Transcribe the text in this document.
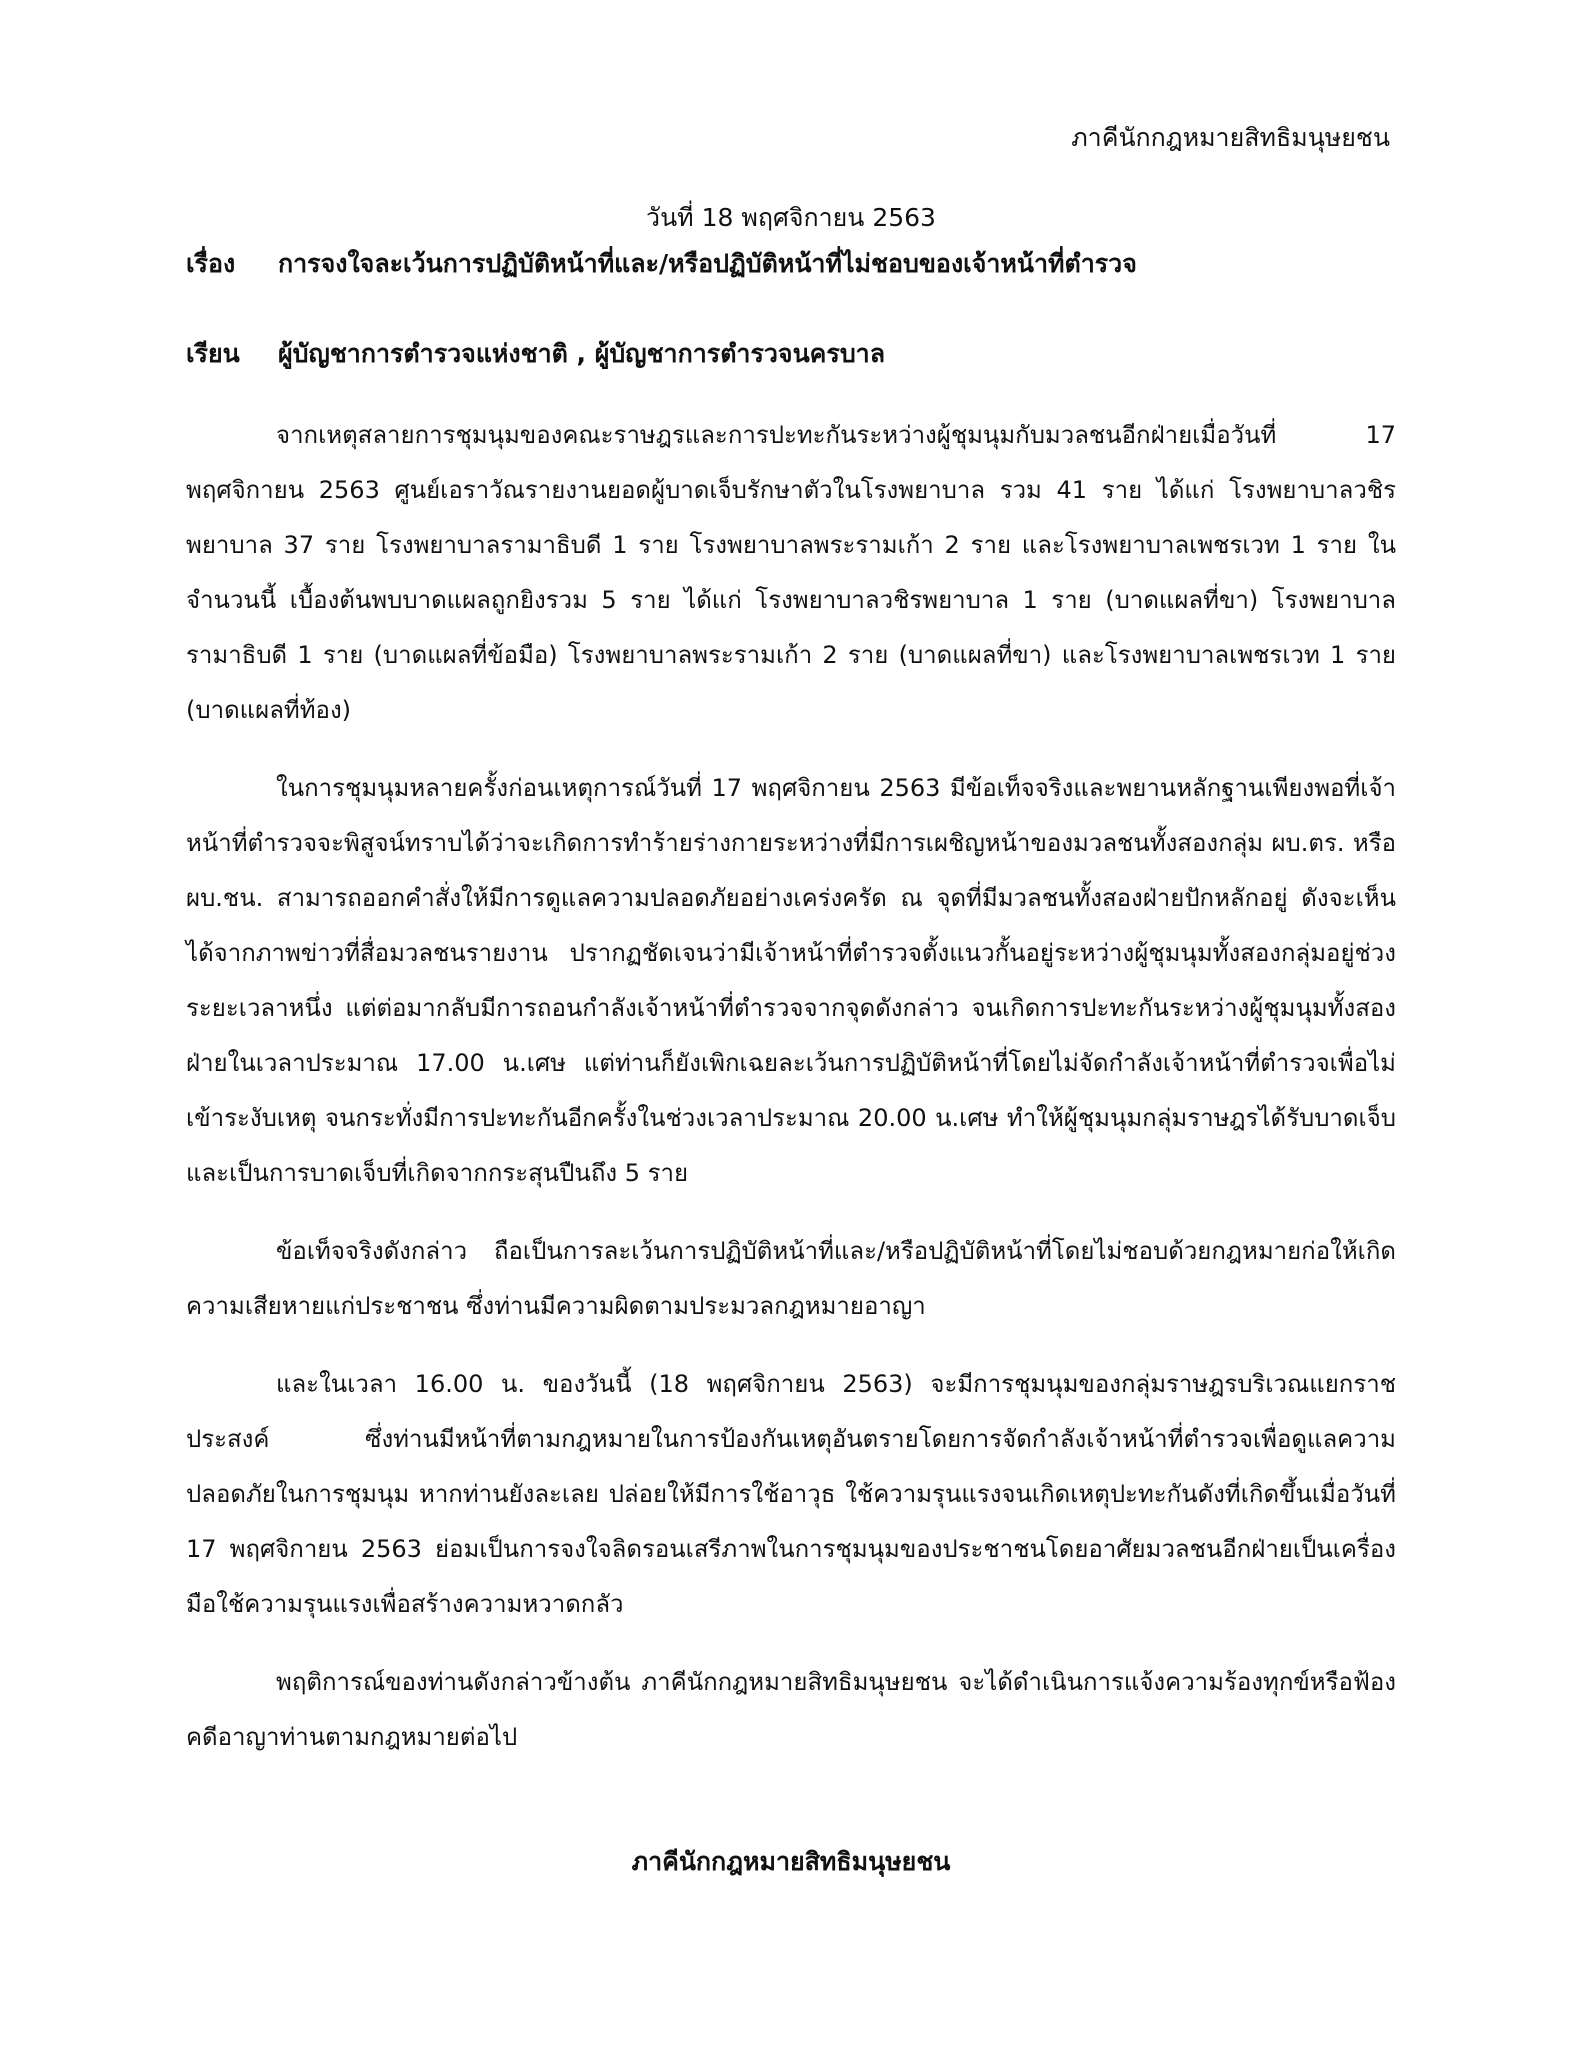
ภาคีนักกฎหมายสิทธิมนุษยชน
วันที่ 18 พฤศจิกายน 2563
เรื่อง การจงใจละเว้นการปฏิบัติหน้าที่และ/หรือปฏิบัติหน้าที่ไม่ชอบของเจ้าหน้าที่ตำรวจ
เรียน ผู้บัญชาการตำรวจแห่งชาติ , ผู้บัญชาการตำรวจนครบาล

จากเหตุสลายการชุมนุมของคณะราษฎรและการปะทะกันระหว่างผู้ชุมนุมกับมวลชนอีกฝ่ายเมื่อวันที่ 17 พฤศจิกายน 2563 ศูนย์เอราวัณรายงานยอดผู้บาดเจ็บรักษาตัวในโรงพยาบาล รวม 41 ราย ได้แก่ โรงพยาบาลวชิรพยาบาล 37 ราย โรงพยาบาลรามาธิบดี 1 ราย โรงพยาบาลพระรามเก้า 2 ราย และโรงพยาบาลเพชรเวท 1 ราย ในจำนวนนี้ เบื้องต้นพบบาดแผลถูกยิงรวม 5 ราย ได้แก่ โรงพยาบาลวชิรพยาบาล 1 ราย (บาดแผลที่ขา) โรงพยาบาลรามาธิบดี 1 ราย (บาดแผลที่ข้อมือ) โรงพยาบาลพระรามเก้า 2 ราย (บาดแผลที่ขา) และโรงพยาบาลเพชรเวท 1 ราย (บาดแผลที่ท้อง)

ในการชุมนุมหลายครั้งก่อนเหตุการณ์วันที่ 17 พฤศจิกายน 2563 มีข้อเท็จจริงและพยานหลักฐานเพียงพอที่เจ้าหน้าที่ตำรวจจะพิสูจน์ทราบได้ว่าจะเกิดการทำร้ายร่างกายระหว่างที่มีการเผชิญหน้าของมวลชนทั้งสองกลุ่ม ผบ.ตร. หรือ ผบ.ชน. สามารถออกคำสั่งให้มีการดูแลความปลอดภัยอย่างเคร่งครัด ณ จุดที่มีมวลชนทั้งสองฝ่ายปักหลักอยู่ ดังจะเห็นได้จากภาพข่าวที่สื่อมวลชนรายงาน ปรากฏชัดเจนว่ามีเจ้าหน้าที่ตำรวจตั้งแนวกั้นอยู่ระหว่างผู้ชุมนุมทั้งสองกลุ่มอยู่ช่วงระยะเวลาหนึ่ง แต่ต่อมากลับมีการถอนกำลังเจ้าหน้าที่ตำรวจจากจุดดังกล่าว จนเกิดการปะทะกันระหว่างผู้ชุมนุมทั้งสองฝ่ายในเวลาประมาณ 17.00 น.เศษ แต่ท่านก็ยังเพิกเฉยละเว้นการปฏิบัติหน้าที่โดยไม่จัดกำลังเจ้าหน้าที่ตำรวจเพื่อไม่เข้าระงับเหตุ จนกระทั่งมีการปะทะกันอีกครั้งในช่วงเวลาประมาณ 20.00 น.เศษ ทำให้ผู้ชุมนุมกลุ่มราษฎรได้รับบาดเจ็บ และเป็นการบาดเจ็บที่เกิดจากกระสุนปืนถึง 5 ราย

ข้อเท็จจริงดังกล่าว ถือเป็นการละเว้นการปฏิบัติหน้าที่และ/หรือปฏิบัติหน้าที่โดยไม่ชอบด้วยกฎหมายก่อให้เกิดความเสียหายแก่ประชาชน ซึ่งท่านมีความผิดตามประมวลกฎหมายอาญา

และในเวลา 16.00 น. ของวันนี้ (18 พฤศจิกายน 2563) จะมีการชุมนุมของกลุ่มราษฎรบริเวณแยกราชประสงค์ ซึ่งท่านมีหน้าที่ตามกฎหมายในการป้องกันเหตุอันตรายโดยการจัดกำลังเจ้าหน้าที่ตำรวจเพื่อดูแลความปลอดภัยในการชุมนุม หากท่านยังละเลย ปล่อยให้มีการใช้อาวุธ ใช้ความรุนแรงจนเกิดเหตุปะทะกันดังที่เกิดขึ้นเมื่อวันที่ 17 พฤศจิกายน 2563 ย่อมเป็นการจงใจลิดรอนเสรีภาพในการชุมนุมของประชาชนโดยอาศัยมวลชนอีกฝ่ายเป็นเครื่องมือใช้ความรุนแรงเพื่อสร้างความหวาดกลัว

พฤติการณ์ของท่านดังกล่าวข้างต้น ภาคีนักกฎหมายสิทธิมนุษยชน จะได้ดำเนินการแจ้งความร้องทุกข์หรือฟ้องคดีอาญาท่านตามกฎหมายต่อไป

ภาคีนักกฎหมายสิทธิมนุษยชน
